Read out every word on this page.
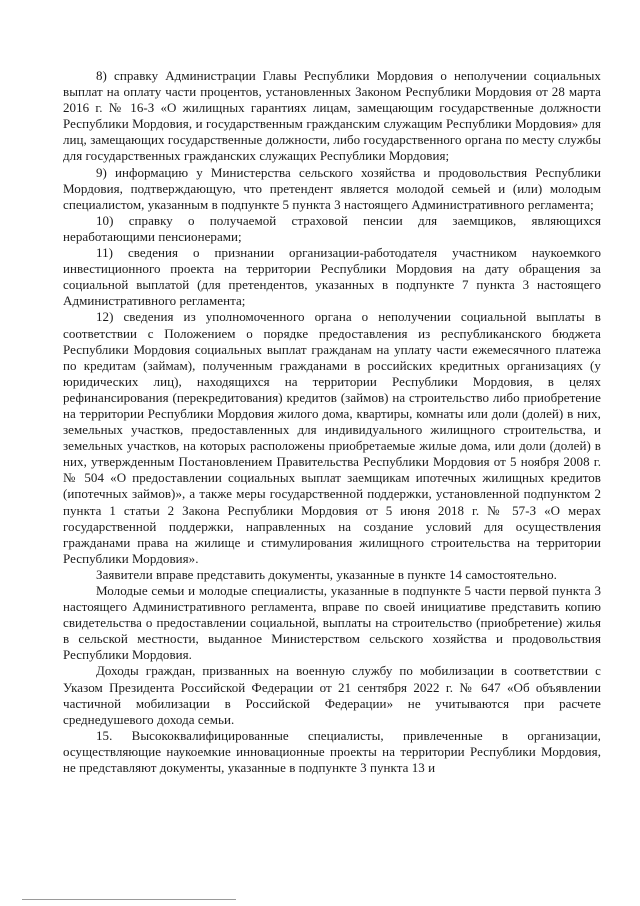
8) справку Администрации Главы Республики Мордовия о неполучении социальных выплат на оплату части процентов, установленных Законом Республики Мордовия от 28 марта 2016 г. № 16-З «О жилищных гарантиях лицам, замещающим государственные должности Республики Мордовия, и государственным гражданским служащим Республики Мордовия» для лиц, замещающих государственные должности, либо государственного органа по месту службы для государственных гражданских служащих Республики Мордовия;

9) информацию у Министерства сельского хозяйства и продовольствия Республики Мордовия, подтверждающую, что претендент является молодой семьей и (или) молодым специалистом, указанным в подпункте 5 пункта 3 настоящего Административного регламента;

10) справку о получаемой страховой пенсии для заемщиков, являющихся неработающими пенсионерами;

11) сведения о признании организации-работодателя участником наукоемкого инвестиционного проекта на территории Республики Мордовия на дату обращения за социальной выплатой (для претендентов, указанных в подпункте 7 пункта 3 настоящего Административного регламента;

12) сведения из уполномоченного органа о неполучении социальной выплаты в соответствии с Положением о порядке предоставления из республиканского бюджета Республики Мордовия социальных выплат гражданам на уплату части ежемесячного платежа по кредитам (займам), полученным гражданами в российских кредитных организациях (у юридических лиц), находящихся на территории Республики Мордовия, в целях рефинансирования (перекредитования) кредитов (займов) на строительство либо приобретение на территории Республики Мордовия жилого дома, квартиры, комнаты или доли (долей) в них, земельных участков, предоставленных для индивидуального жилищного строительства, и земельных участков, на которых расположены приобретаемые жилые дома, или доли (долей) в них, утвержденным Постановлением Правительства Республики Мордовия от 5 ноября 2008 г. № 504 «О предоставлении социальных выплат заемщикам ипотечных жилищных кредитов (ипотечных займов)», а также меры государственной поддержки, установленной подпунктом 2 пункта 1 статьи 2 Закона Республики Мордовия от 5 июня 2018 г. № 57-З «О мерах государственной поддержки, направленных на создание условий для осуществления гражданами права на жилище и стимулирования жилищного строительства на территории Республики Мордовия».

Заявители вправе представить документы, указанные в пункте 14 самостоятельно.

Молодые семьи и молодые специалисты, указанные в подпункте 5 части первой пункта 3 настоящего Административного регламента, вправе по своей инициативе представить копию свидетельства о предоставлении социальной, выплаты на строительство (приобретение) жилья в сельской местности, выданное Министерством сельского хозяйства и продовольствия Республики Мордовия.

Доходы граждан, призванных на военную службу по мобилизации в соответствии с Указом Президента Российской Федерации от 21 сентября 2022 г. № 647 «Об объявлении частичной мобилизации в Российской Федерации» не учитываются при расчете среднедушевого дохода семьи.

15. Высококвалифицированные специалисты, привлеченные в организации, осуществляющие наукоемкие инновационные проекты на территории Республики Мордовия, не представляют документы, указанные в подпункте 3 пункта 13 и
